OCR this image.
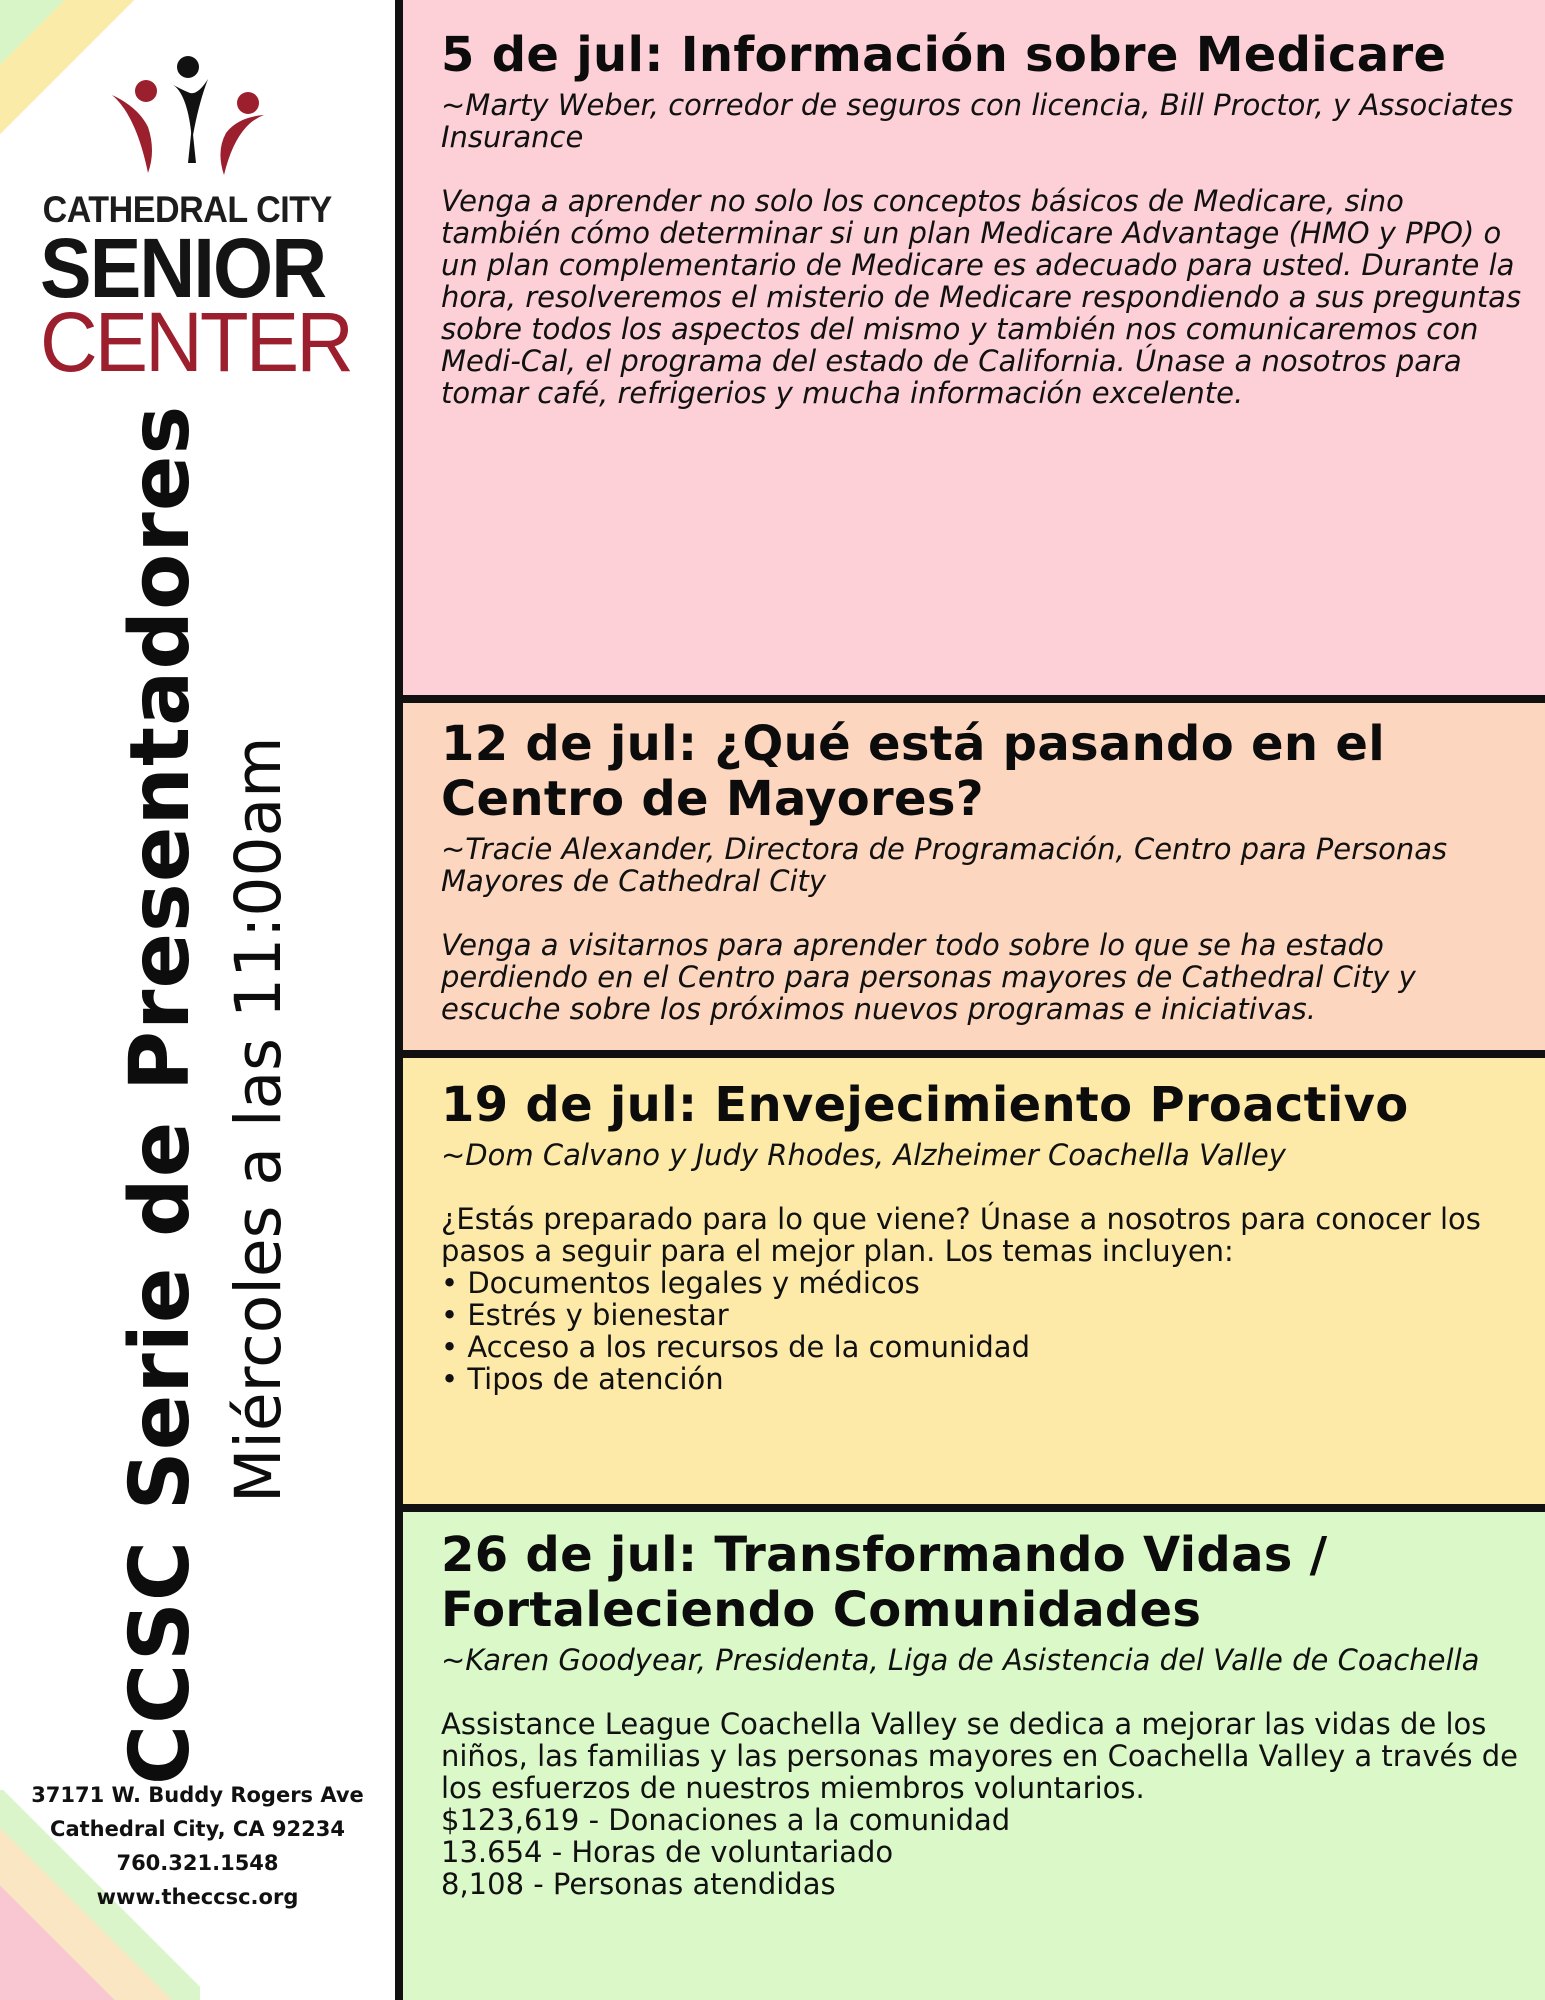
CATHEDRAL CITY
SENIOR
CENTER
CCSC Serie de Presentadores Miércoles a las 11:00am
37171 W. Buddy Rogers Ave
Cathedral City, CA 92234
760.321.1548
www.theccsc.org
5 de jul: Información sobre Medicare
~Marty Weber, corredor de seguros con licencia, Bill Proctor, y Associates Insurance
Venga a aprender no solo los conceptos básicos de Medicare, sino también cómo determinar si un plan Medicare Advantage (HMO y PPO) o un plan complementario de Medicare es adecuado para usted. Durante la hora, resolveremos el misterio de Medicare respondiendo a sus preguntas sobre todos los aspectos del mismo y también nos comunicaremos con Medi-Cal, el programa del estado de California. Únase a nosotros para tomar café, refrigerios y mucha información excelente.
12 de jul: ¿Qué está pasando en el Centro de Mayores?
~Tracie Alexander, Directora de Programación, Centro para Personas Mayores de Cathedral City
Venga a visitarnos para aprender todo sobre lo que se ha estado perdiendo en el Centro para personas mayores de Cathedral City y escuche sobre los próximos nuevos programas e iniciativas.
19 de jul: Envejecimiento Proactivo
~Dom Calvano y Judy Rhodes, Alzheimer Coachella Valley
¿Estás preparado para lo que viene? Únase a nosotros para conocer los pasos a seguir para el mejor plan. Los temas incluyen:
• Documentos legales y médicos
• Estrés y bienestar
• Acceso a los recursos de la comunidad
• Tipos de atención
26 de jul: Transformando Vidas / Fortaleciendo Comunidades
~Karen Goodyear, Presidenta, Liga de Asistencia del Valle de Coachella
Assistance League Coachella Valley se dedica a mejorar las vidas de los niños, las familias y las personas mayores en Coachella Valley a través de los esfuerzos de nuestros miembros voluntarios.
$123,619 - Donaciones a la comunidad
13.654 - Horas de voluntariado
8,108 - Personas atendidas
